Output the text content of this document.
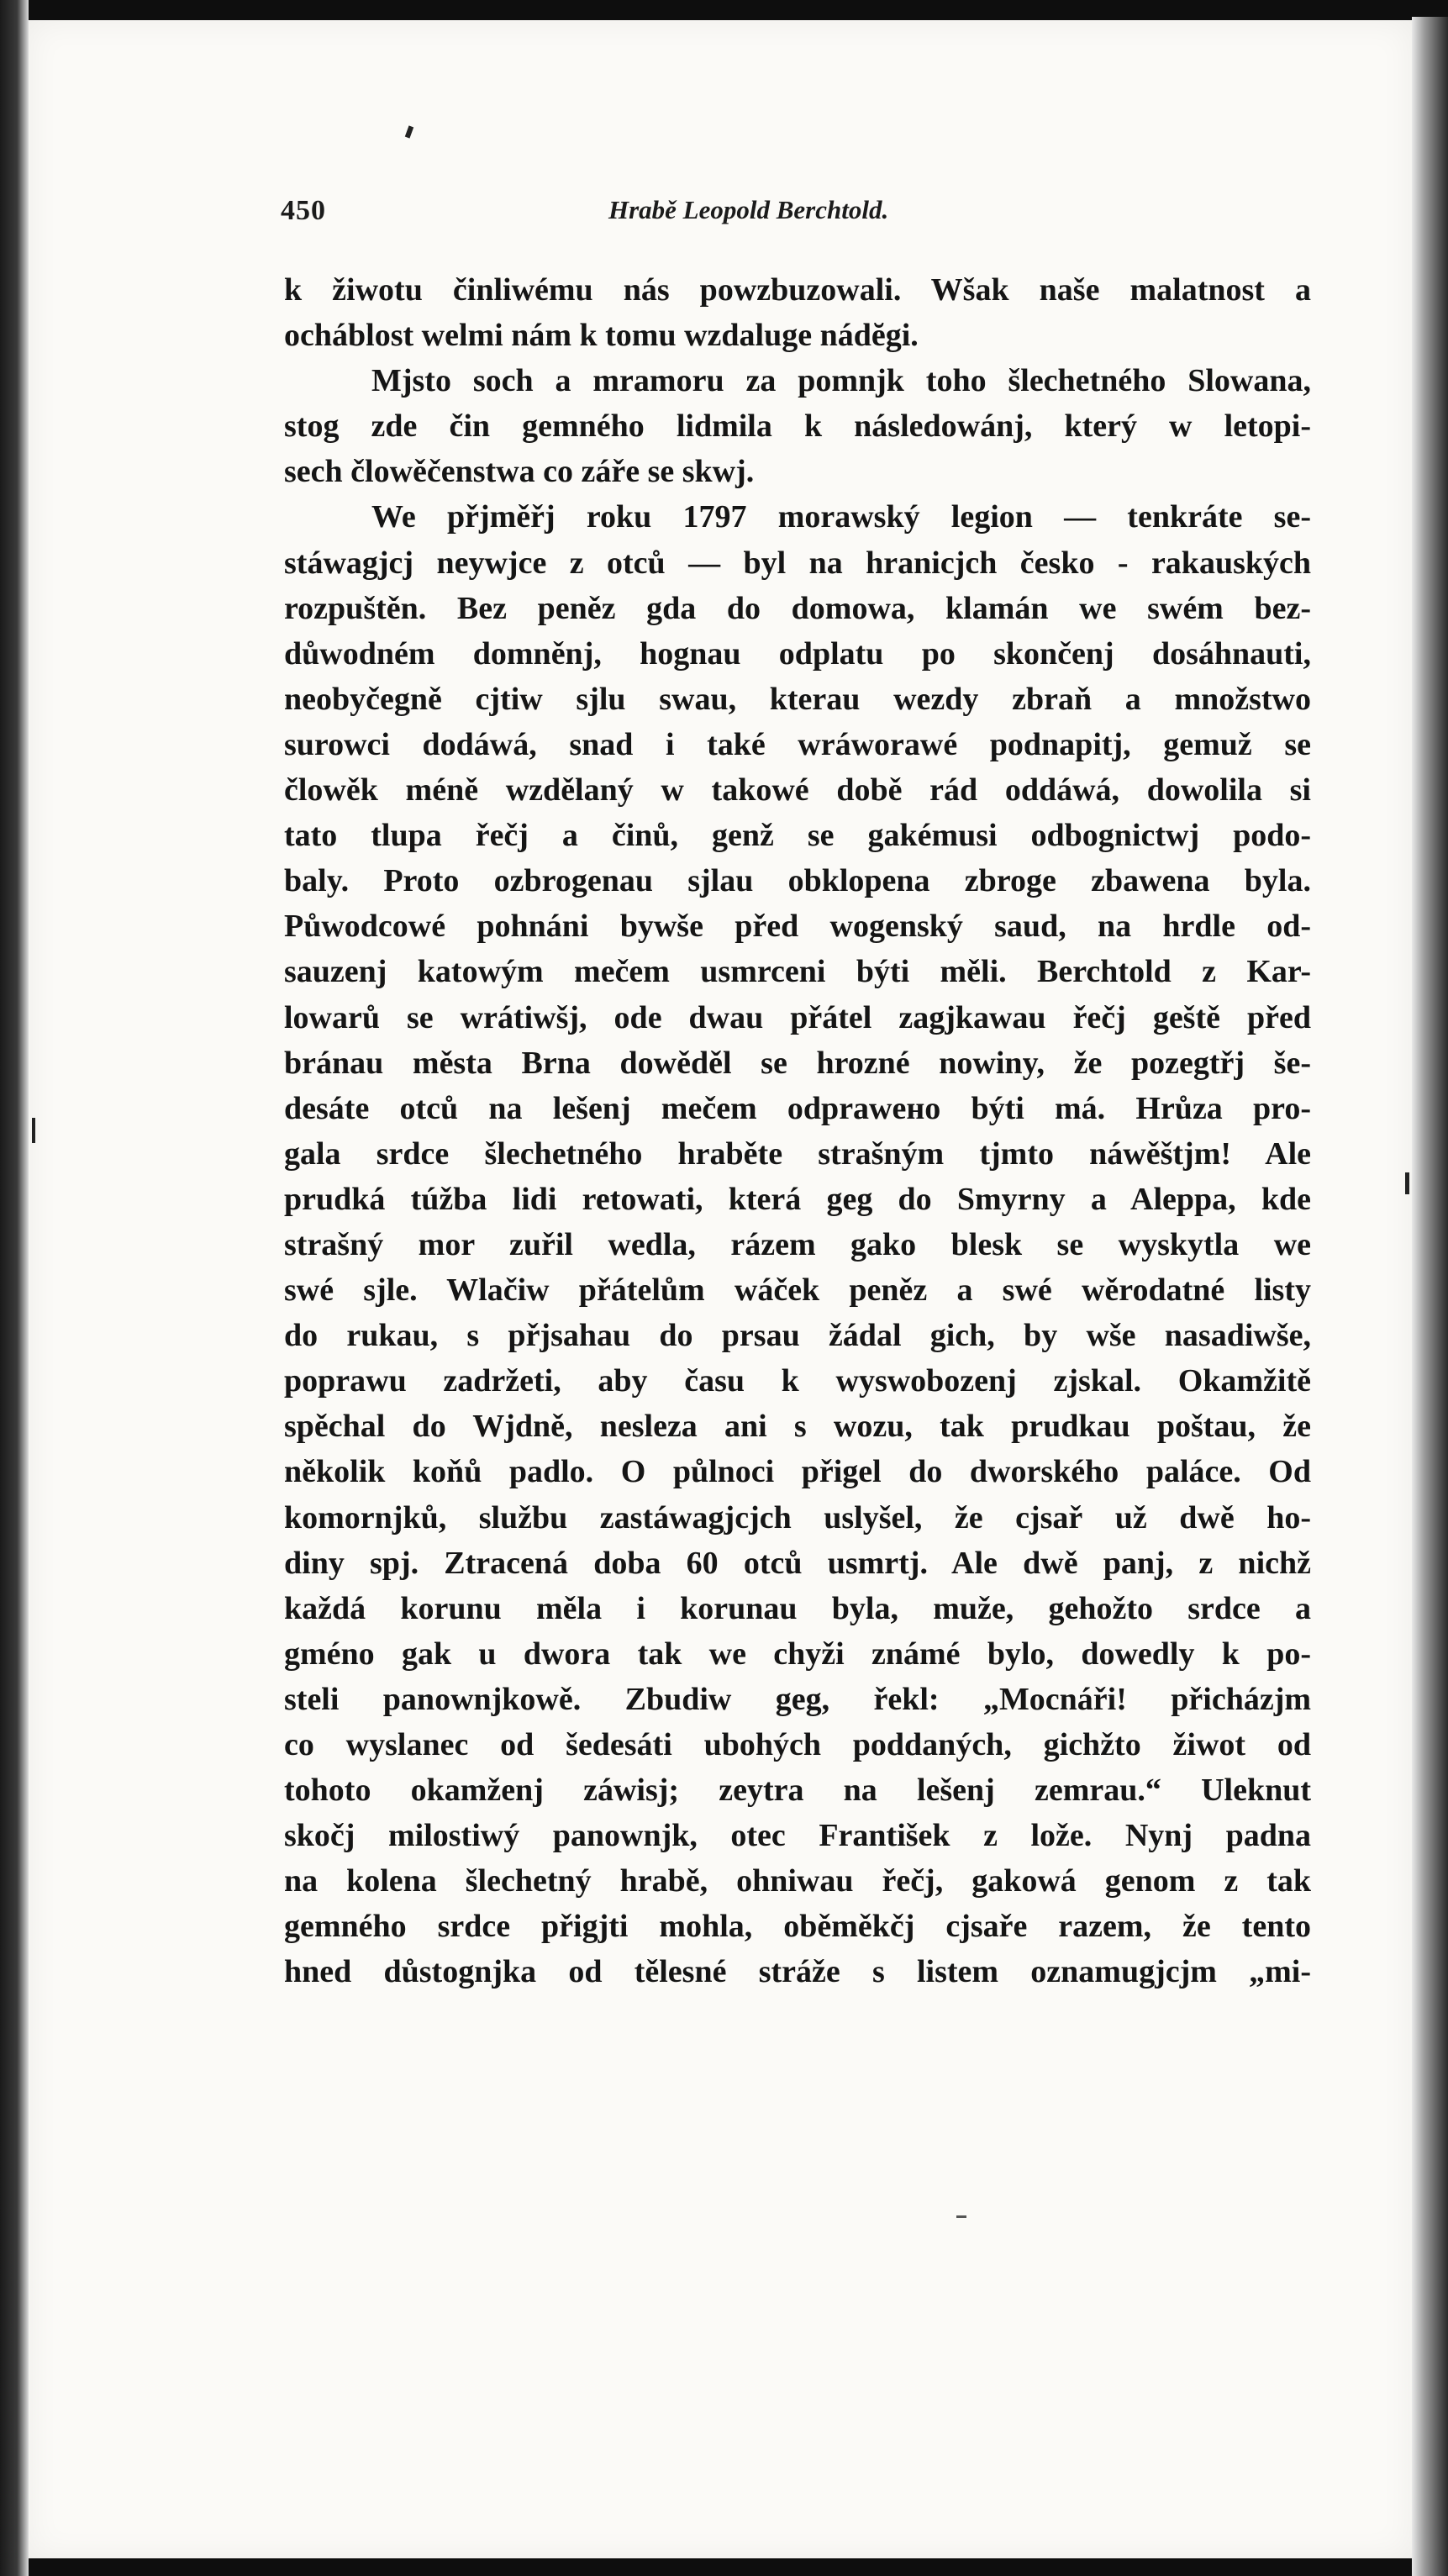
450	Hrabě Leopold Berchtold.
k žiwotu činliwému nás powzbuzowali. Wšak naše malatnost a
ocháblost welmi nám k tomu wzdaluge nádĕgi.
Mjsto soch a mramoru za pomnjk toho šlechetného Slowana,
stog zde čin gemného lidmila k následowánj, který w letopi-
sech člowěčenstwa co záře se skwj.
We přjměřj roku 1797 morawský legion — tenkráte se-
stáwagjcj neywjce z otců — byl na hranicjch česko - rakauských
rozpuštěn. Bez peněz gda do domowa, klamán we swém bez-
důwodném domněnj, hognau odplatu po skončenj dosáhnauti,
neobyčegně cjtiw sjlu swau, kterau wezdy zbraň a množstwo
surowci dodáwá, snad i také wráworawé podnapitj, gemuž se
člowěk méně wzdělaný w takowé době rád oddáwá, dowolila si
tato tlupa řečj a činů, genž se gakémusi odbognictwj podo-
baly. Proto ozbrogenau sjlau obklopena zbroge zbawena byla.
Půwodcowé pohnáni bywše před wogenský saud, na hrdle od-
sauzenj katowým mečem usmrceni býti měli. Berchtold z Kar-
lowarů se wrátiwšj, ode dwau přátel zagjkawau řečj geště před
bránau města Brna dowěděl se hrozné nowiny, že pozegtřj še-
desáte otců na lešenj mečem odprawено býti má. Hrůza pro-
gala srdce šlechetného hraběte strašným tjmto náwěštjm! Ale
prudká túžba lidi retowati, která geg do Smyrny a Aleppa, kde
strašný mor zuřil wedla, rázem gako blesk se wyskytla we
swé sjle. Wlačiw přátelům wáček peněz a swé wěrodatné listy
do rukau, s přjsahau do prsau žádal gich, by wše nasadiwše,
poprawu zadržeti, aby času k wyswobozenj zjskal. Okamžitě
spěchal do Wjdně, nesleza ani s wozu, tak prudkau poštau, že
několik koňů padlo. O půlnoci přigel do dworského paláce. Od
komornjků, službu zastáwagjcjch uslyšel, že cjsař už dwě ho-
diny spj. Ztracená doba 60 otců usmrtj. Ale dwě panj, z nichž
každá korunu měla i korunau byla, muže, gehožto srdce a
gméno gak u dwora tak we chyži známé bylo, dowedly k po-
steli panownjkowě. Zbudiw geg, řekl: „Mocnáři! přicházjm
co wyslanec od šedesáti ubohých poddaných, gichžto žiwot od
tohoto okamženj záwisj; zeytra na lešenj zemrau.“ Uleknut
skočj milostiwý panownjk, otec František z lože. Nynj padna
na kolena šlechetný hrabě, ohniwau řečj, gakowá genom z tak
gemného srdce přigjti mohla, oběměkčj cjsaře razem, že tento
hned důstognjka od tělesné stráže s listem oznamugjcjm „mi-
